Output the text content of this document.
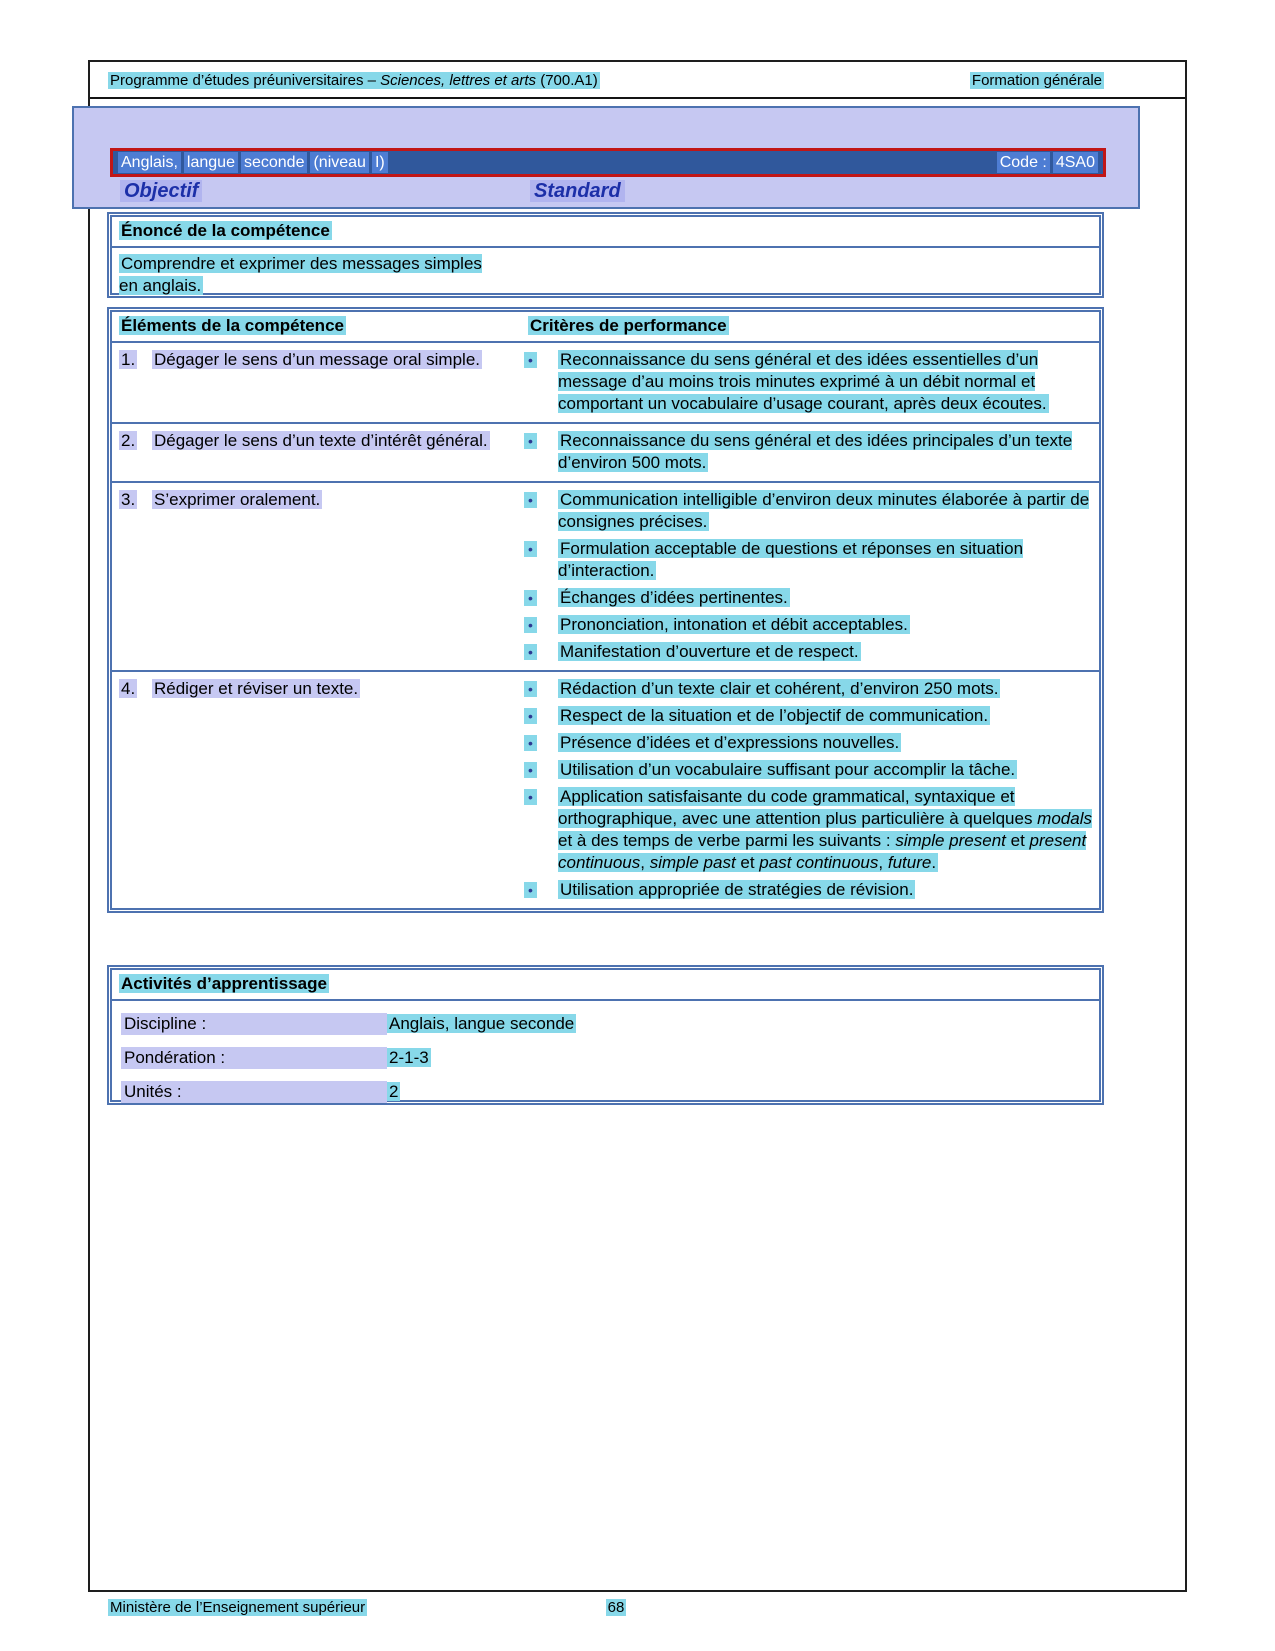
Programme d’études préuniversitaires – Sciences, lettres et arts (700.A1)	Formation générale
Anglais, langue seconde (niveau I)	Code : 4SA0
Objectif	Standard
Énoncé de la compétence
Comprendre et exprimer des messages simples en anglais.
Éléments de la compétence	Critères de performance
1.	Dégager le sens d’un message oral simple.	•	Reconnaissance du sens général et des idées essentielles d’un message d’au moins trois minutes exprimé à un débit normal et comportant un vocabulaire d’usage courant, après deux écoutes.
2.	Dégager le sens d’un texte d’intérêt général.	•	Reconnaissance du sens général et des idées principales d’un texte d’environ 500 mots.
3.	S’exprimer oralement.	•	Communication intelligible d’environ deux minutes élaborée à partir de consignes précises.
•	Formulation acceptable de questions et réponses en situation d’interaction.
•	Échanges d’idées pertinentes.
•	Prononciation, intonation et débit acceptables.
•	Manifestation d’ouverture et de respect.
4.	Rédiger et réviser un texte.	•	Rédaction d’un texte clair et cohérent, d’environ 250 mots.
•	Respect de la situation et de l’objectif de communication.
•	Présence d’idées et d’expressions nouvelles.
•	Utilisation d’un vocabulaire suffisant pour accomplir la tâche.
•	Application satisfaisante du code grammatical, syntaxique et orthographique, avec une attention plus particulière à quelques modals et à des temps de verbe parmi les suivants : simple present et present continuous, simple past et past continuous, future.
•	Utilisation appropriée de stratégies de révision.
Activités d’apprentissage
Discipline :	Anglais, langue seconde
Pondération :	2-1-3
Unités :	2
Ministère de l’Enseignement supérieur	68
